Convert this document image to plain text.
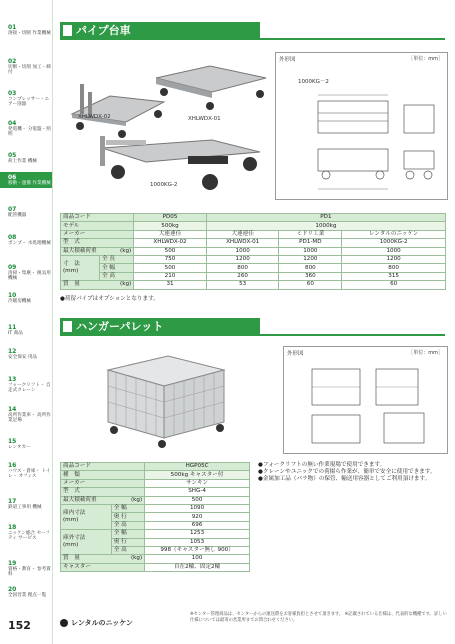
01
溶接・切断 作業機械
02
切断・切削 加工・締付
03
コンプレッサー・エアー別器
04
発電機・ 分電盤・照明
05
荷上作業 機械
06
移動・運搬 作業機械
07
配管機器
08
ポンプ・ 水処理機械
09
清掃・集塵・ 換気用機械
10
冷暖房機械
11
IT 商品
12
安全保安 用品
13
フォークリフト・ 自走式クレーン
14
高所作業車・ 高所作業足場
15
レンタカー
16
ハウス・倉庫・ トイレ・ オフィス
17
鉄道工事用 機械
18
ニッケン総合 セーフティ サービス
19
資格・教育・ 参考資料
20
全国営業 拠点一覧
152
パイプ台車
XHLWDX-02	XHLWDX-01
1000KG-2
外形図	［単位：mm］
1000KG－2
商品コード		PD05	PD1		
モデル		500kg	1000kg		
メーカー		大連連佳	大連連佳	ミドリ工業	レンタルのニッケン
型　式		XHLWDX-02	XHLWDX-01	PD1-MD	1000KG-2
最大積載荷重 (kg)		500	1000	1000	1000
寸　法
(mm)	全 長	750	1200	1200	1200
	全 幅	500	800	800	800
	全 高	210	260	360	315
質　量 (kg)		31	53	60	60
●荷留パイプはオプションとなります。
ハンガーパレット
外形図	［単位：mm］
商品コード		HGP05C
種　類		500kg キャスター付
メーカー		サンキン
型　式		SHG-4
最大積載荷重 (kg)		500
庫内寸法
(mm)	全 幅	1090
	奥 行	920
	全 高	696
庫外寸法
(mm)	全 幅	1253
	奥 行	1053
	全 高	998（キャスター無し 900）
質　量 (kg)		100
キャスター		自在2輪、固定2輪
●フォークリフトの無い作業現場で使用できます。
●クレーンやユニックでの荷揚ら作業が、簡単で安全に使用できます。
●金属加工品（パラ物）の保管、輸送用容器としてご利用頂けます。
レンタルのニッケン
※センター管理商品は、センターからの運送費をお客様負担とさせて頂きます。 ※記載されている仕様は、代表的な機種です。詳しい仕様については最寄の営業所までお問合わせください。
